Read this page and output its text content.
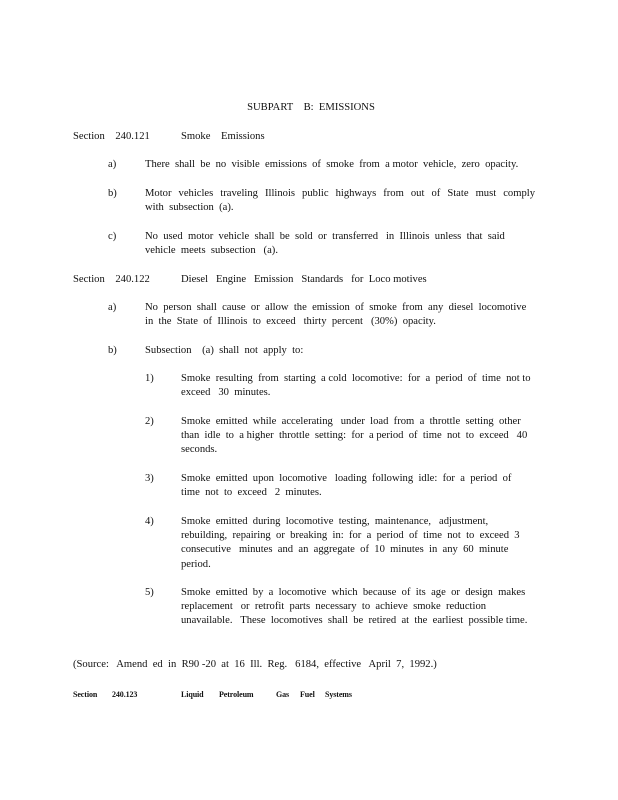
SUBPART    B:  EMISSIONS
Section    240.121	Smoke    Emissions
a)	There  shall  be  no  visible  emissions  of  smoke  from  a motor  vehicle,  zero  opacity.
b)	Motor  vehicles  traveling  Illinois  public  highways  from  out  of  State  must  comply with  subsection  (a).
c)	No  used  motor  vehicle  shall  be  sold  or  transferred   in  Illinois  unless  that  said vehicle  meets  subsection   (a).
Section    240.122	Diesel   Engine   Emission   Standards   for  Loco motives
a)	No  person  shall  cause  or  allow  the  emission  of  smoke  from  any  diesel  locomotive in  the  State  of  Illinois  to  exceed   thirty  percent   (30%)  opacity.
b)	Subsection    (a)  shall  not  apply  to:
1)	Smoke  resulting  from  starting  a cold  locomotive:  for  a  period  of  time  not to  exceed   30  minutes.
2)	Smoke  emitted  while  accelerating   under  load  from  a  throttle  setting  other than  idle  to  a higher  throttle  setting:  for  a period  of  time  not  to  exceed   40 seconds.
3)	Smoke  emitted  upon  locomotive   loading  following  idle:  for  a  period  of time  not  to  exceed   2  minutes.
4)	Smoke  emitted  during  locomotive  testing,  maintenance,   adjustment, rebuilding,  repairing  or  breaking  in:  for  a  period  of  time  not  to  exceed  3 consecutive   minutes  and  an  aggregate  of  10  minutes  in  any  60  minute period.
5)	Smoke  emitted  by  a  locomotive  which  because  of  its  age  or  design  makes replacement   or  retrofit  parts  necessary  to  achieve  smoke  reduction unavailable.   These  locomotives  shall  be  retired  at  the  earliest  possible time.
(Source:   Amend  ed  in  R90 -20  at  16  Ill.  Reg.   6184,  effective   April  7,  1992.)
Section 240.123	Liquid Petroleum	Gas Fuel Systems
